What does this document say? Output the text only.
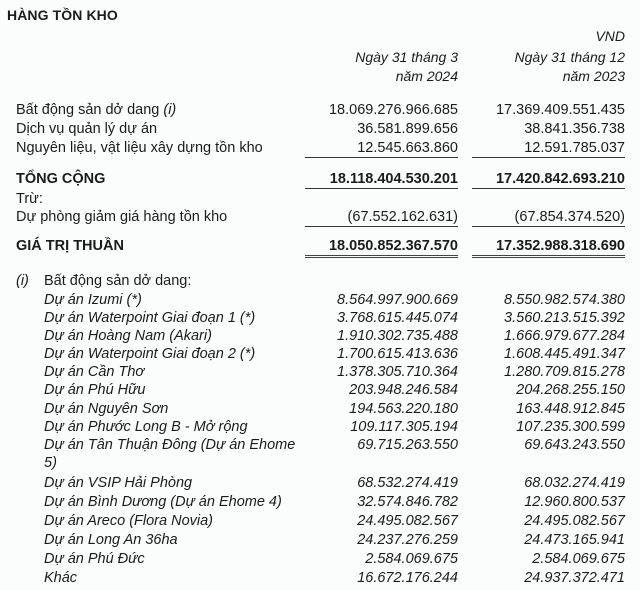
HÀNG TỒN KHO
VND
Ngày 31 tháng 3
năm 2024
Ngày 31 tháng 12
năm 2023
Bất động sản dở dang (i)	18.069.276.966.685	17.369.409.551.435
Dịch vụ quản lý dự án	36.581.899.656	38.841.356.738
Nguyên liệu, vật liệu xây dựng tồn kho	12.545.663.860	12.591.785.037
TỔNG CỘNG	18.118.404.530.201	17.420.842.693.210
Trừ:
Dự phòng giảm giá hàng tồn kho	(67.552.162.631)	(67.854.374.520)
GIÁ TRỊ THUẦN	18.050.852.367.570	17.352.988.318.690
(i) Bất động sản dở dang:
Dự án Izumi (*)	8.564.997.900.669	8.550.982.574.380
Dự án Waterpoint Giai đoạn 1 (*)	3.768.615.445.074	3.560.213.515.392
Dự án Hoàng Nam (Akari)	1.910.302.735.488	1.666.979.677.284
Dự án Waterpoint Giai đoạn 2 (*)	1.700.615.413.636	1.608.445.491.347
Dự án Cần Thơ	1.378.305.710.364	1.280.709.815.278
Dự án Phú Hữu	203.948.246.584	204.268.255.150
Dự án Nguyên Sơn	194.563.220.180	163.448.912.845
Dự án Phước Long B - Mở rộng	109.117.305.194	107.235.300.599
Dự án Tân Thuận Đông (Dự án Ehome	69.715.263.550	69.643.243.550
5)
Dự án VSIP Hải Phòng	68.532.274.419	68.032.274.419
Dự án Bình Dương (Dự án Ehome 4)	32.574.846.782	12.960.800.537
Dự án Areco (Flora Novia)	24.495.082.567	24.495.082.567
Dự án Long An 36ha	24.237.276.259	24.473.165.941
Dự án Phú Đức	2.584.069.675	2.584.069.675
Khác	16.672.176.244	24.937.372.471
